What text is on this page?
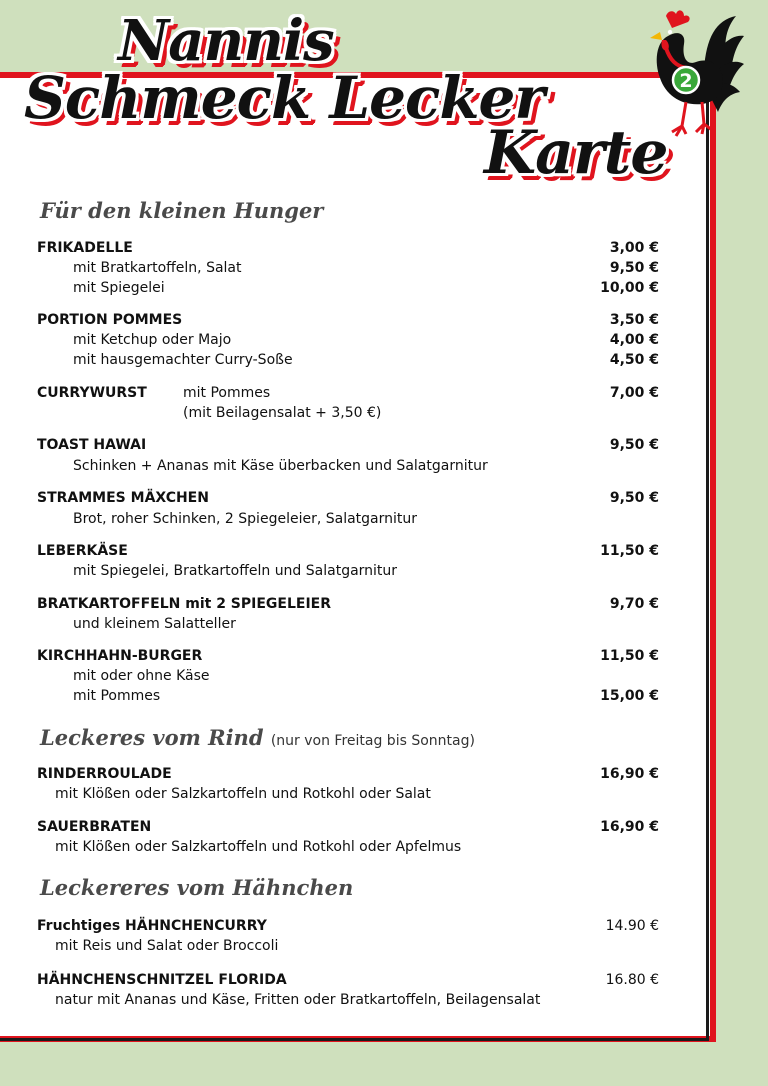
Nannis
Schmeck Lecker
Karte
2
Für den kleinen Hunger
FRIKADELLE	3,00 €
mit Bratkartoffeln, Salat	9,50 €
mit Spiegelei	10,00 €
PORTION POMMES	3,50 €
mit Ketchup oder Majo	4,00 €
mit hausgemachter Curry-Soße	4,50 €
CURRYWURST	mit Pommes	7,00 €
(mit Beilagensalat + 3,50 €)
TOAST HAWAI	9,50 €
Schinken + Ananas mit Käse überbacken und Salatgarnitur
STRAMMES MÄXCHEN	9,50 €
Brot, roher Schinken, 2 Spiegeleier, Salatgarnitur
LEBERKÄSE	11,50 €
mit Spiegelei, Bratkartoffeln und Salatgarnitur
BRATKARTOFFELN mit 2 SPIEGELEIER	9,70 €
und kleinem Salatteller
KIRCHHAHN-BURGER	11,50 €
mit oder ohne Käse
mit Pommes	15,00 €
Leckeres vom Rind (nur von Freitag bis Sonntag)
RINDERROULADE	16,90 €
mit Klößen oder Salzkartoffeln und Rotkohl oder Salat
SAUERBRATEN	16,90 €
mit Klößen oder Salzkartoffeln und Rotkohl oder Apfelmus
Leckereres vom Hähnchen
Fruchtiges HÄHNCHENCURRY	14.90 €
mit Reis und Salat oder Broccoli
HÄHNCHENSCHNITZEL FLORIDA	16.80 €
natur mit Ananas und Käse, Fritten oder Bratkartoffeln, Beilagensalat
